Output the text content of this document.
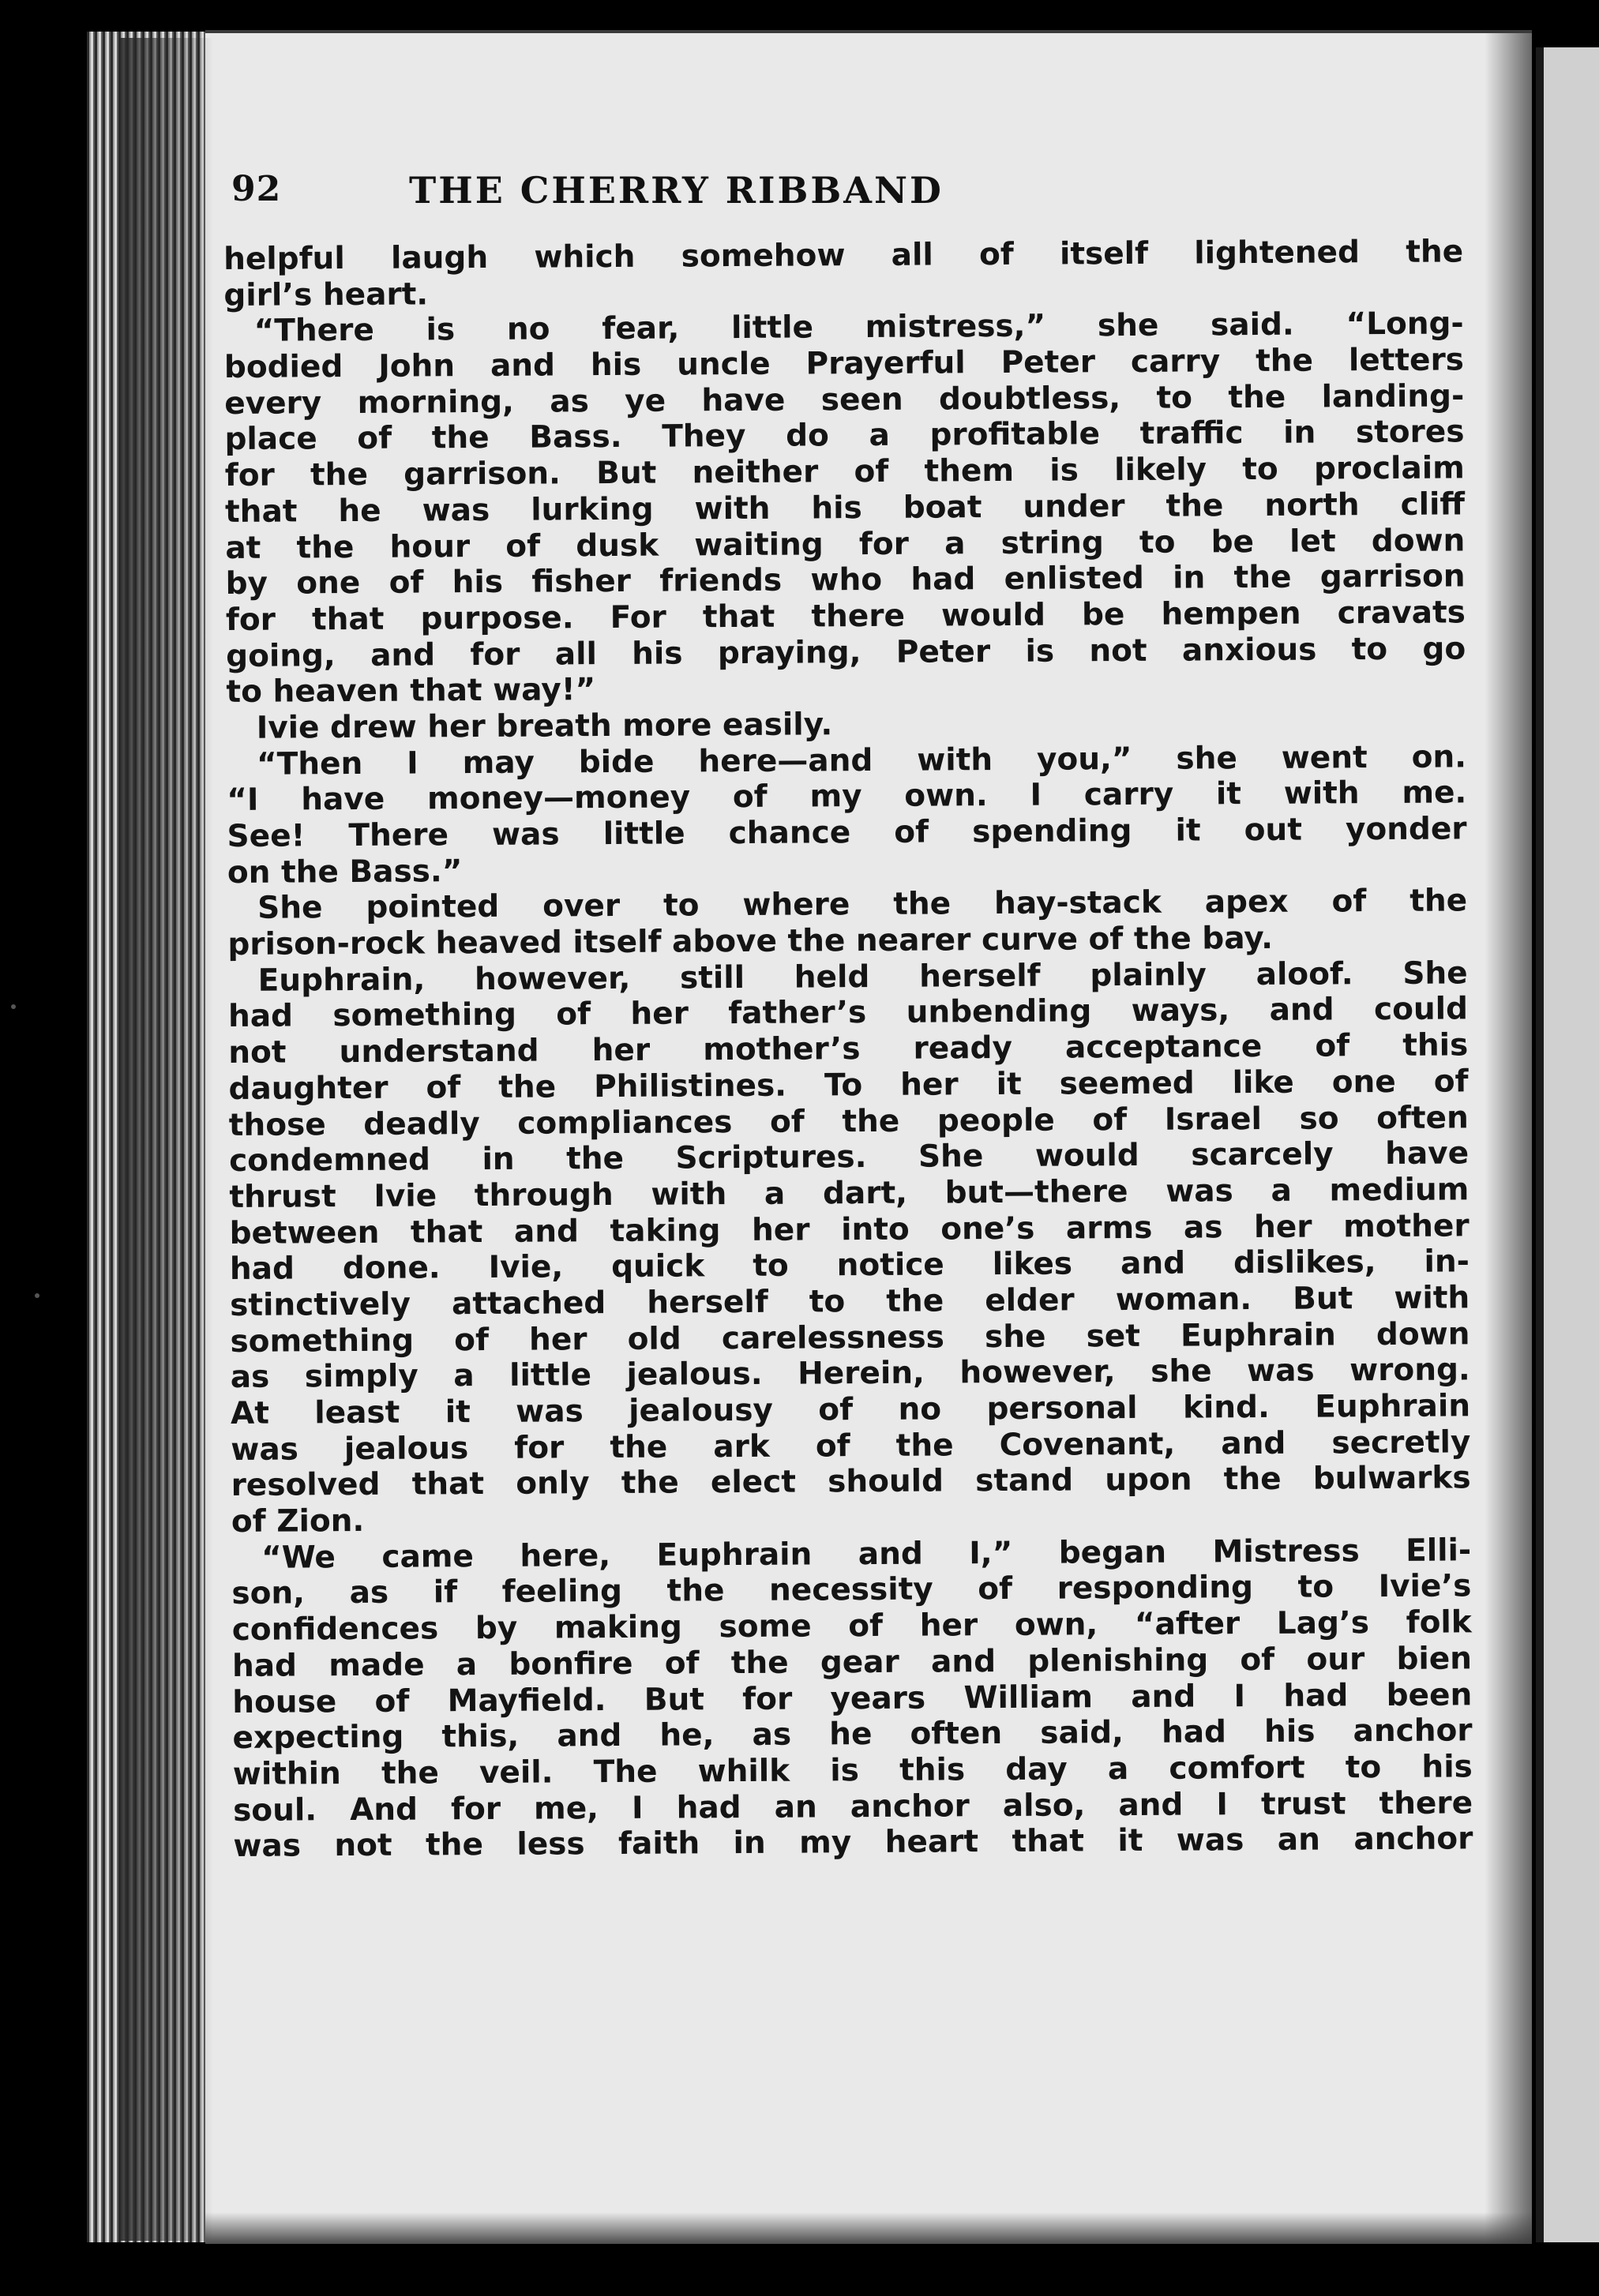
92	THE CHERRY RIBBAND
helpful laugh which somehow all of itself lightened the
girl’s heart.
“There is no fear, little mistress,” she said. “Long-
bodied John and his uncle Prayerful Peter carry the letters
every morning, as ye have seen doubtless, to the landing-
place of the Bass. They do a profitable traffic in stores
for the garrison. But neither of them is likely to proclaim
that he was lurking with his boat under the north cliff
at the hour of dusk waiting for a string to be let down
by one of his fisher friends who had enlisted in the garrison
for that purpose. For that there would be hempen cravats
going, and for all his praying, Peter is not anxious to go
to heaven that way!”
Ivie drew her breath more easily.
“Then I may bide here—and with you,” she went on.
“I have money—money of my own. I carry it with me.
See! There was little chance of spending it out yonder
on the Bass.”
She pointed over to where the hay-stack apex of the
prison-rock heaved itself above the nearer curve of the bay.
Euphrain, however, still held herself plainly aloof. She
had something of her father’s unbending ways, and could
not understand her mother’s ready acceptance of this
daughter of the Philistines. To her it seemed like one of
those deadly compliances of the people of Israel so often
condemned in the Scriptures. She would scarcely have
thrust Ivie through with a dart, but—there was a medium
between that and taking her into one’s arms as her mother
had done. Ivie, quick to notice likes and dislikes, in-
stinctively attached herself to the elder woman. But with
something of her old carelessness she set Euphrain down
as simply a little jealous. Herein, however, she was wrong.
At least it was jealousy of no personal kind. Euphrain
was jealous for the ark of the Covenant, and secretly
resolved that only the elect should stand upon the bulwarks
of Zion.
“We came here, Euphrain and I,” began Mistress Elli-
son, as if feeling the necessity of responding to Ivie’s
confidences by making some of her own, “after Lag’s folk
had made a bonfire of the gear and plenishing of our bien
house of Mayfield. But for years William and I had been
expecting this, and he, as he often said, had his anchor
within the veil. The whilk is this day a comfort to his
soul. And for me, I had an anchor also, and I trust there
was not the less faith in my heart that it was an anchor
